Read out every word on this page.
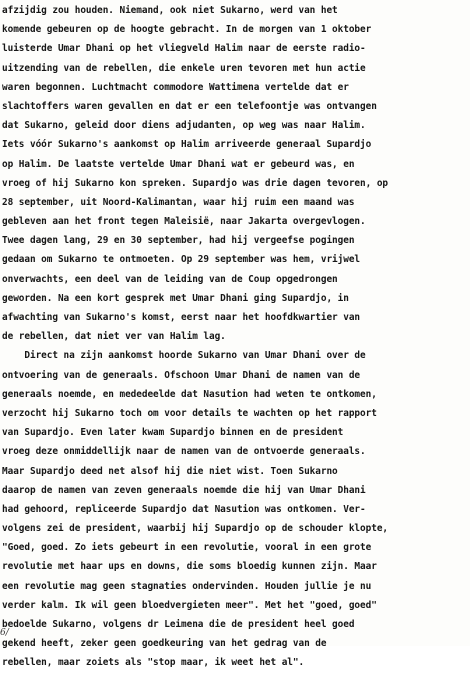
afzijdig zou houden. Niemand, ook niet Sukarno, werd van het
komende gebeuren op de hoogte gebracht. In de morgen van 1 oktober
luisterde Umar Dhani op het vliegveld Halim naar de eerste radio-
uitzending van de rebellen, die enkele uren tevoren met hun actie
waren begonnen. Luchtmacht commodore Wattimena vertelde dat er
slachtoffers waren gevallen en dat er een telefoontje was ontvangen
dat Sukarno, geleid door diens adjudanten, op weg was naar Halim.
Iets vóór Sukarno's aankomst op Halim arriveerde generaal Supardjo
op Halim. De laatste vertelde Umar Dhani wat er gebeurd was, en
vroeg of hij Sukarno kon spreken. Supardjo was drie dagen tevoren, op
28 september, uit Noord-Kalimantan, waar hij ruim een maand was
gebleven aan het front tegen Maleisië, naar Jakarta overgevlogen.
Twee dagen lang, 29 en 30 september, had hij vergeefse pogingen
gedaan om Sukarno te ontmoeten. Op 29 september was hem, vrijwel
onverwachts, een deel van de leiding van de Coup opgedrongen
geworden. Na een kort gesprek met Umar Dhani ging Supardjo, in
afwachting van Sukarno's komst, eerst naar het hoofdkwartier van
de rebellen, dat niet ver van Halim lag.
Direct na zijn aankomst hoorde Sukarno van Umar Dhani over de
ontvoering van de generaals. Ofschoon Umar Dhani de namen van de
generaals noemde, en mededeelde dat Nasution had weten te ontkomen,
verzocht hij Sukarno toch om voor details te wachten op het rapport
van Supardjo. Even later kwam Supardjo binnen en de president
vroeg deze onmiddellijk naar de namen van de ontvoerde generaals.
Maar Supardjo deed net alsof hij die niet wist. Toen Sukarno
daarop de namen van zeven generaals noemde die hij van Umar Dhani
had gehoord, repliceerde Supardjo dat Nasution was ontkomen. Ver-
volgens zei de president, waarbij hij Supardjo op de schouder klopte,
"Goed, goed. Zo iets gebeurt in een revolutie, vooral in een grote
revolutie met haar ups en downs, die soms bloedig kunnen zijn. Maar
een revolutie mag geen stagnaties ondervinden. Houden jullie je nu
verder kalm. Ik wil geen bloedvergieten meer". Met het "goed, goed"
bedoelde Sukarno, volgens dr Leimena die de president heel goed
gekend heeft, zeker geen goedkeuring van het gedrag van de
rebellen, maar zoiets als "stop maar, ik weet het al".
6/
